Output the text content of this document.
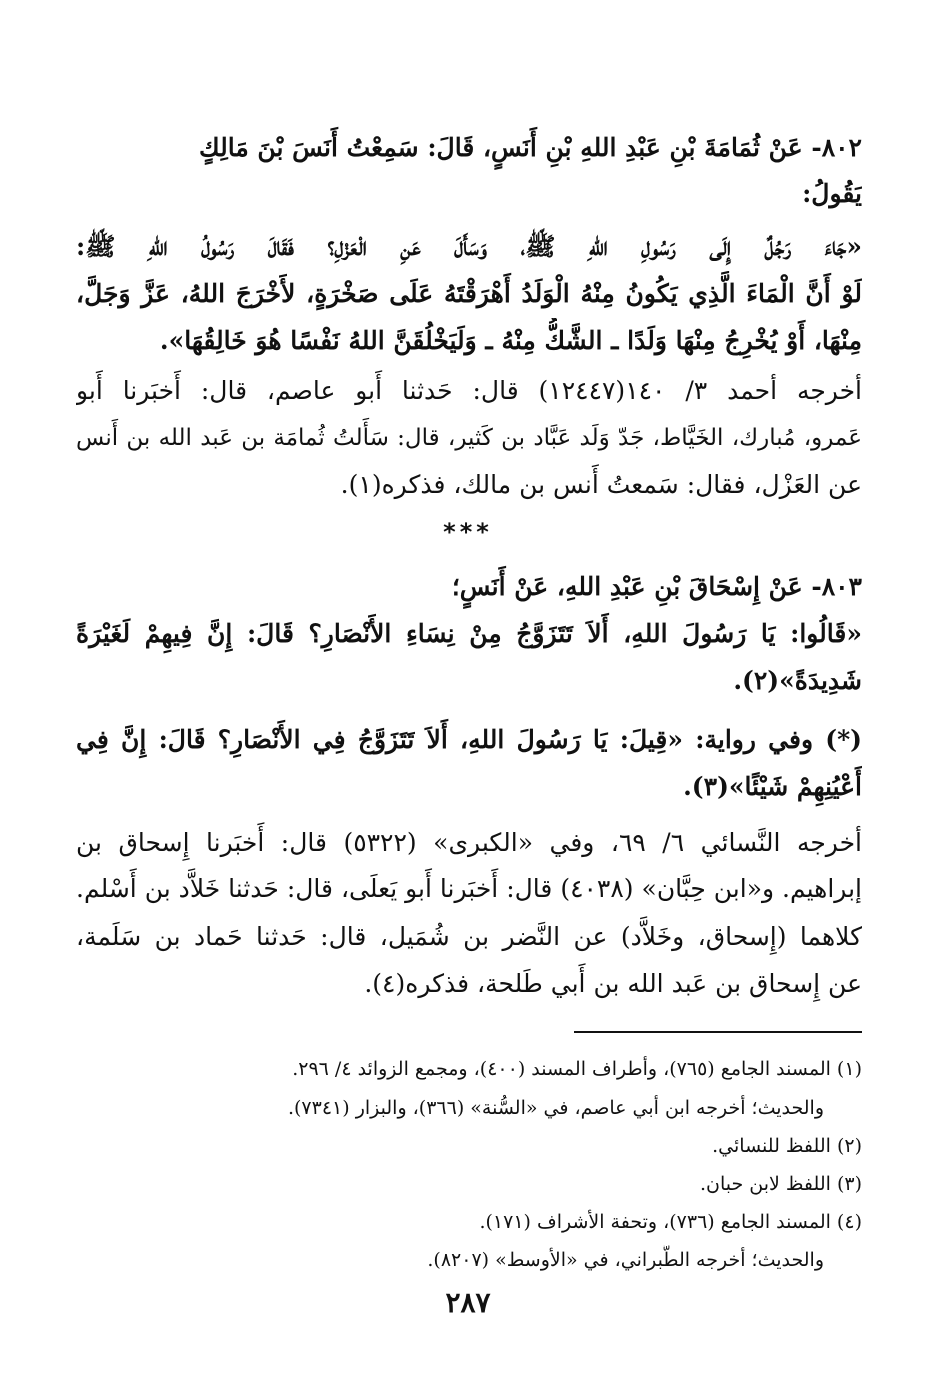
٨٠٢- عَنْ ثُمَامَةَ بْنِ عَبْدِ اللهِ بْنِ أَنَسٍ، قَالَ: سَمِعْتُ أَنَسَ بْنَ مَالِكٍ
يَقُولُ:
«جَاءَ رَجُلٌ إِلَى رَسُولِ اللهِ ﷺ، وَسَأَلَ عَنِ الْعَزْلِ؟ فَقَالَ رَسُولُ اللهِ ﷺ:
لَوْ أَنَّ الْمَاءَ الَّذِي يَكُونُ مِنْهُ الْوَلَدُ أَهْرَقْتَهُ عَلَى صَخْرَةٍ، لأَخْرَجَ اللهُ، عَزَّ وَجَلَّ،
مِنْهَا، أَوْ يُخْرِجُ مِنْهَا وَلَدًا ـ الشَّكُّ مِنْهُ ـ وَلَيَخْلُقَنَّ اللهُ نَفْسًا هُوَ خَالِقُهَا».
أخرجه أحمد ٣/ ١٤٠(١٢٤٤٧) قال: حَدثنا أَبو عاصم، قال: أَخبَرنا أَبو
عَمرو، مُبارك، الخَيَّاط، جَدّ وَلَد عَبَّاد بن كَثير، قال: سَأَلتُ ثُمامَة بن عَبد الله بن أَنس
عن العَزْل، فقال: سَمعتُ أَنس بن مالك، فذكره(١).
***
٨٠٣- عَنْ إِسْحَاقَ بْنِ عَبْدِ اللهِ، عَنْ أَنَسٍ؛
«قَالُوا: يَا رَسُولَ اللهِ، أَلاَ تَتَزَوَّجُ مِنْ نِسَاءِ الأَنْصَارِ؟ قَالَ: إِنَّ فِيهِمْ لَغَيْرَةً
شَدِيدَةً»(٢).
(*) وفي رواية: «قِيلَ: يَا رَسُولَ اللهِ، أَلاَ تَتَزَوَّجُ فِي الأَنْصَارِ؟ قَالَ: إِنَّ فِي
أَعْيُنِهِمْ شَيْئًا»(٣).
أخرجه النَّسائي ٦/ ٦٩، وفي «الكبرى» (٥٣٢٢) قال: أَخبَرنا إِسحاق بن
إبراهيم. و«ابن حِبَّان» (٤٠٣٨) قال: أَخبَرنا أَبو يَعلَى، قال: حَدثنا خَلاَّد بن أَسْلم.
كلاهما (إِسحاق، وخَلاَّد) عن النَّضر بن شُمَيل، قال: حَدثنا حَماد بن سَلَمة،
عن إِسحاق بن عَبد الله بن أَبي طَلحة، فذكره(٤).
(١) المسند الجامع (٧٦٥)، وأطراف المسند (٤٠٠)، ومجمع الزوائد ٤/ ٢٩٦.
والحديث؛ أخرجه ابن أبي عاصم، في «السُّنة» (٣٦٦)، والبزار (٧٣٤١).
(٢) اللفظ للنسائي.
(٣) اللفظ لابن حبان.
(٤) المسند الجامع (٧٣٦)، وتحفة الأشراف (١٧١).
والحديث؛ أخرجه الطَّبراني، في «الأوسط» (٨٢٠٧).
٢٨٧
